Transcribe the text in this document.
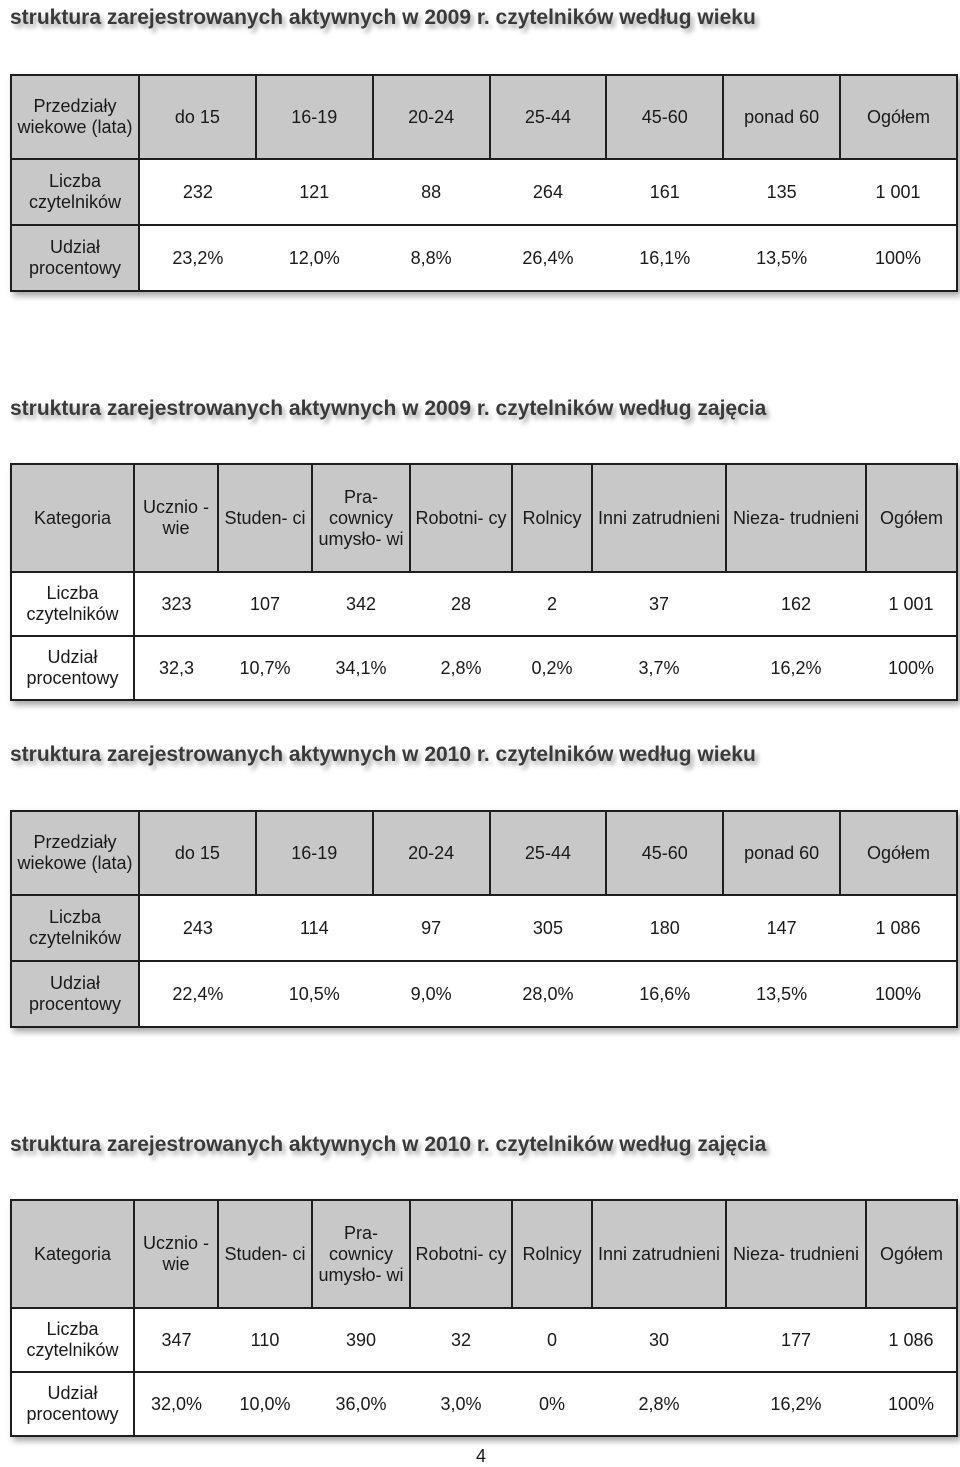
struktura zarejestrowanych aktywnych w 2009 r. czytelników według wieku
Przedziały wiekowe (lata)	do 15	16-19	20-24	25-44	45-60	ponad 60	Ogółem
Liczba czytelników	232	121	88	264	161	135	1 001
Udział procentowy	23,2%	12,0%	8,8%	26,4%	16,1%	13,5%	100%
struktura zarejestrowanych aktywnych w 2009 r. czytelników według zajęcia
Kategoria	Ucznio -wie	Studen- ci	Pra- cownicy umysło- wi	Robotni- cy	Rolnicy	Inni zatrudnieni	Nieza- trudnieni	Ogółem
Liczba czytelników	323	107	342	28	2	37	162	1 001
Udział procentowy	32,3	10,7%	34,1%	2,8%	0,2%	3,7%	16,2%	100%
struktura zarejestrowanych aktywnych w 2010 r. czytelników według wieku
Przedziały wiekowe (lata)	do 15	16-19	20-24	25-44	45-60	ponad 60	Ogółem
Liczba czytelników	243	114	97	305	180	147	1 086
Udział procentowy	22,4%	10,5%	9,0%	28,0%	16,6%	13,5%	100%
struktura zarejestrowanych aktywnych w 2010 r. czytelników według zajęcia
Kategoria	Ucznio -wie	Studen- ci	Pra- cownicy umysło- wi	Robotni- cy	Rolnicy	Inni zatrudnieni	Nieza- trudnieni	Ogółem
Liczba czytelników	347	110	390	32	0	30	177	1 086
Udział procentowy	32,0%	10,0%	36,0%	3,0%	0%	2,8%	16,2%	100%
4
